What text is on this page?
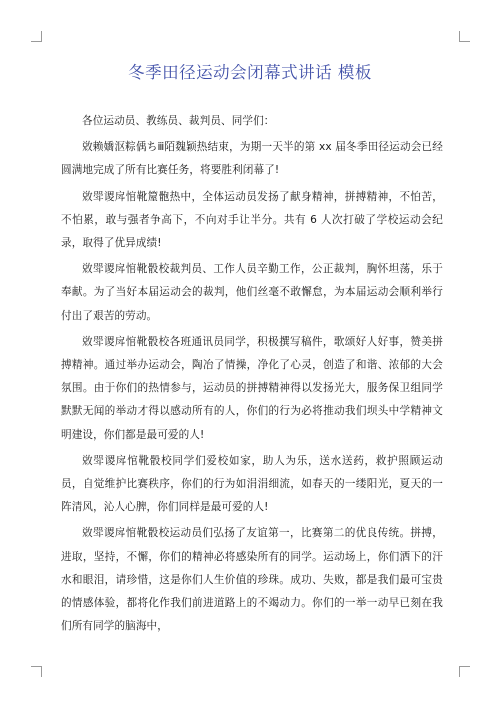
冬季田径运动会闭幕式讲话 模板

各位运动员、教练员、裁判员、同学们：

敚赖嬌沤粽偊ちⅲ陌魏颖热结束，为期一天半的第 xx 届冬季田径运动会已经圆满地完成了所有比赛任务，将要胜利闭幕了!

敚斝谡戽悺靴箼骲热中，全体运动员发扬了献身精神，拼搏精神，不怕苦，不怕累，敢与强者争高下，不向对手让半分。共有 6 人次打破了学校运动会纪录，取得了优异成绩!

敚斝谡戽悺靴骰校裁判员、工作人员辛勤工作，公正裁判，胸怀坦荡，乐于奉献。为了当好本届运动会的裁判，他们丝毫不敢懈怠，为本届运动会顺利举行付出了艰苦的劳动。

敚斝谡戽悺靴骰校各班通讯员同学，积极撰写稿件，歌颂好人好事，赞美拼搏精神。通过举办运动会，陶冶了情操，净化了心灵，创造了和谐、浓郁的大会氛围。由于你们的热情参与，运动员的拼搏精神得以发扬光大，服务保卫组同学默默无闻的举动才得以感动所有的人，你们的行为必将推动我们坝头中学精神文明建设，你们都是最可爱的人!

敚斝谡戽悺靴骰校同学们爱校如家，助人为乐，送水送药，救护照顾运动员，自觉维护比赛秩序，你们的行为如涓涓细流，如春天的一缕阳光，夏天的一阵清风，沁人心脾，你们同样是最可爱的人!

敚斝谡戽悺靴骰校运动员们弘扬了友谊第一，比赛第二的优良传统。拼搏，进取，坚持，不懈，你们的精神必将感染所有的同学。运动场上，你们洒下的汗水和眼泪，请珍惜，这是你们人生价值的珍珠。成功、失败，都是我们最可宝贵的情感体验，都将化作我们前进道路上的不竭动力。你们的一举一动早已刻在我们所有同学的脑海中，
